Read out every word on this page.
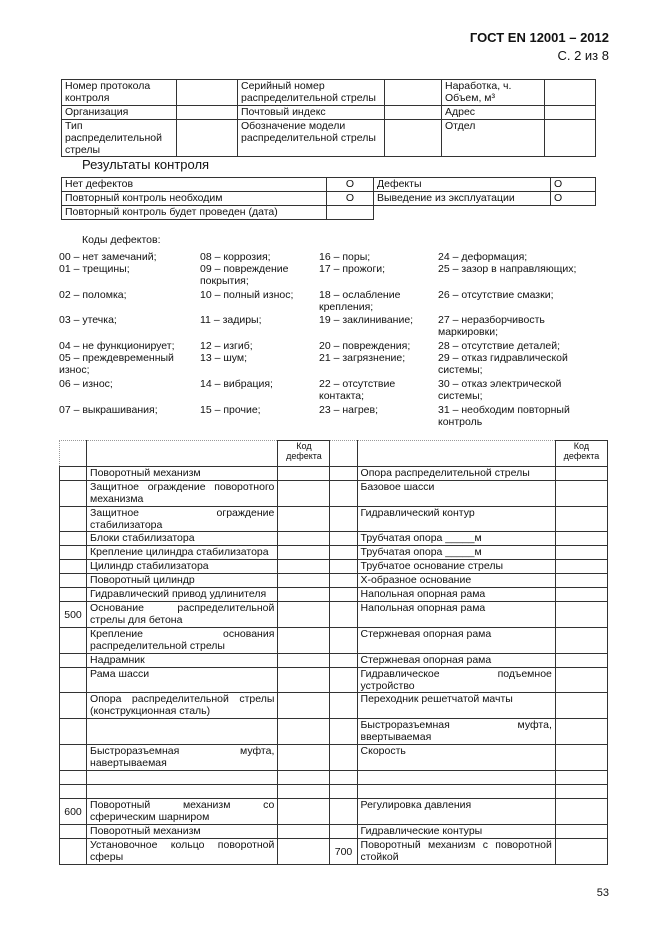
ГОСТ EN 12001 – 2012
С. 2 из 8
Номер протокола контроля		Серийный номер распределительной стрелы		Наработка, ч. Объем, м³	
Организация		Почтовый индекс		Адрес	
Тип распределительной стрелы		Обозначение модели распределительной стрелы		Отдел	
Результаты контроля
Нет дефектов	O	Дефекты	O
Повторный контроль необходим	O	Выведение из эксплуатации	O
Повторный контроль будет проведен (дата)			
Коды дефектов:
00 – нет замечаний;
01 – трещины;
02 – поломка;
03 – утечка;
04 – не функционирует;
05 – преждевременный износ;
06 – износ;
07 – выкрашивания;
08 – коррозия;
09 – повреждение покрытия;
10 – полный износ;
11 – задиры;
12 – изгиб;
13 – шум;
14 – вибрация;
15 – прочие;
16 – поры;
17 – прожоги;
18 – ослабление крепления;
19 – заклинивание;
20 – повреждения;
21 – загрязнение;
22 – отсутствие контакта;
23 – нагрев;
24 – деформация;
25 – зазор в направляющих;
26 – отсутствие смазки;
27 – неразборчивость маркировки;
28 – отсутствие деталей;
29 – отказ гидравлической системы;
30 – отказ электрической системы;
31 – необходим повторный контроль
		Код дефекта			Код дефекта
	Поворотный механизм			Опора распределительной стрелы	
	Защитное ограждение поворотного механизма			Базовое шасси	
	Защитное ограждение стабилизатора			Гидравлический контур	
	Блоки стабилизатора			Трубчатая опора _____м	
	Крепление цилиндра стабилизатора			Трубчатая опора _____м	
	Цилиндр стабилизатора			Трубчатое основание стрелы	
	Поворотный цилиндр			Х-образное основание	
	Гидравлический привод удлинителя			Напольная опорная рама	
500	Основание распределительной стрелы для бетона			Напольная опорная рама	
	Крепление основания распределительной стрелы			Стержневая опорная рама	
	Надрамник			Стержневая опорная рама	
	Рама шасси			Гидравлическое подъемное устройство	
	Опора распределительной стрелы (конструкционная сталь)			Переходник решетчатой мачты	
				Быстроразъемная муфта, ввертываемая	
	Быстроразъемная муфта, навертываемая			Скорость	

600	Поворотный механизм со сферическим шарниром			Регулировка давления	
	Поворотный механизм			Гидравлические контуры	
	Установочное кольцо поворотной сферы		700	Поворотный механизм с поворотной стойкой	
53
